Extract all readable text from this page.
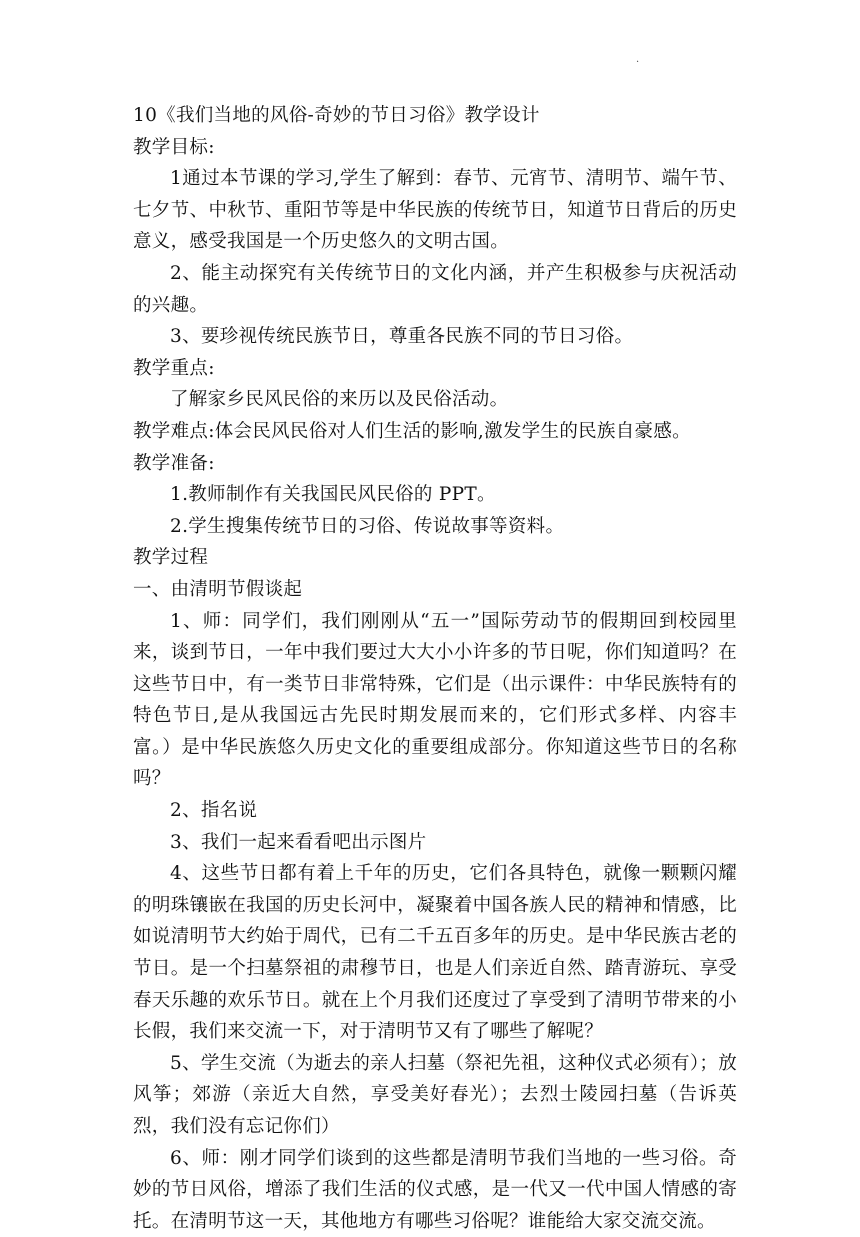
·

10《我们当地的风俗-奇妙的节日习俗》教学设计

教学目标:

1通过本节课的学习,学生了解到：春节、元宵节、清明节、端午节、七夕节、中秋节、重阳节等是中华民族的传统节日，知道节日背后的历史意义，感受我国是一个历史悠久的文明古国。

2、能主动探究有关传统节日的文化内涵，并产生积极参与庆祝活动的兴趣。

3、要珍视传统民族节日，尊重各民族不同的节日习俗。

教学重点:

了解家乡民风民俗的来历以及民俗活动。

教学难点:体会民风民俗对人们生活的影响,激发学生的民族自豪感。

教学准备:

1.教师制作有关我国民风民俗的 PPT。

2.学生搜集传统节日的习俗、传说故事等资料。

教学过程

一、由清明节假谈起

1、师：同学们，我们刚刚从“五一”国际劳动节的假期回到校园里来，谈到节日，一年中我们要过大大小小许多的节日呢，你们知道吗？在这些节日中，有一类节日非常特殊，它们是（出示课件：中华民族特有的特色节日,是从我国远古先民时期发展而来的，它们形式多样、内容丰富。）是中华民族悠久历史文化的重要组成部分。你知道这些节日的名称吗？

2、指名说

3、我们一起来看看吧出示图片

4、这些节日都有着上千年的历史，它们各具特色，就像一颗颗闪耀的明珠镶嵌在我国的历史长河中，凝聚着中国各族人民的精神和情感，比如说清明节大约始于周代，已有二千五百多年的历史。是中华民族古老的节日。是一个扫墓祭祖的肃穆节日，也是人们亲近自然、踏青游玩、享受春天乐趣的欢乐节日。就在上个月我们还度过了享受到了清明节带来的小长假，我们来交流一下，对于清明节又有了哪些了解呢？

5、学生交流（为逝去的亲人扫墓（祭祀先祖，这种仪式必须有）；放风筝；郊游（亲近大自然，享受美好春光）；去烈士陵园扫墓（告诉英烈，我们没有忘记你们）

6、师：刚才同学们谈到的这些都是清明节我们当地的一些习俗。奇妙的节日风俗，增添了我们生活的仪式感，是一代又一代中国人情感的寄托。在清明节这一天，其他地方有哪些习俗呢？谁能给大家交流交流。
